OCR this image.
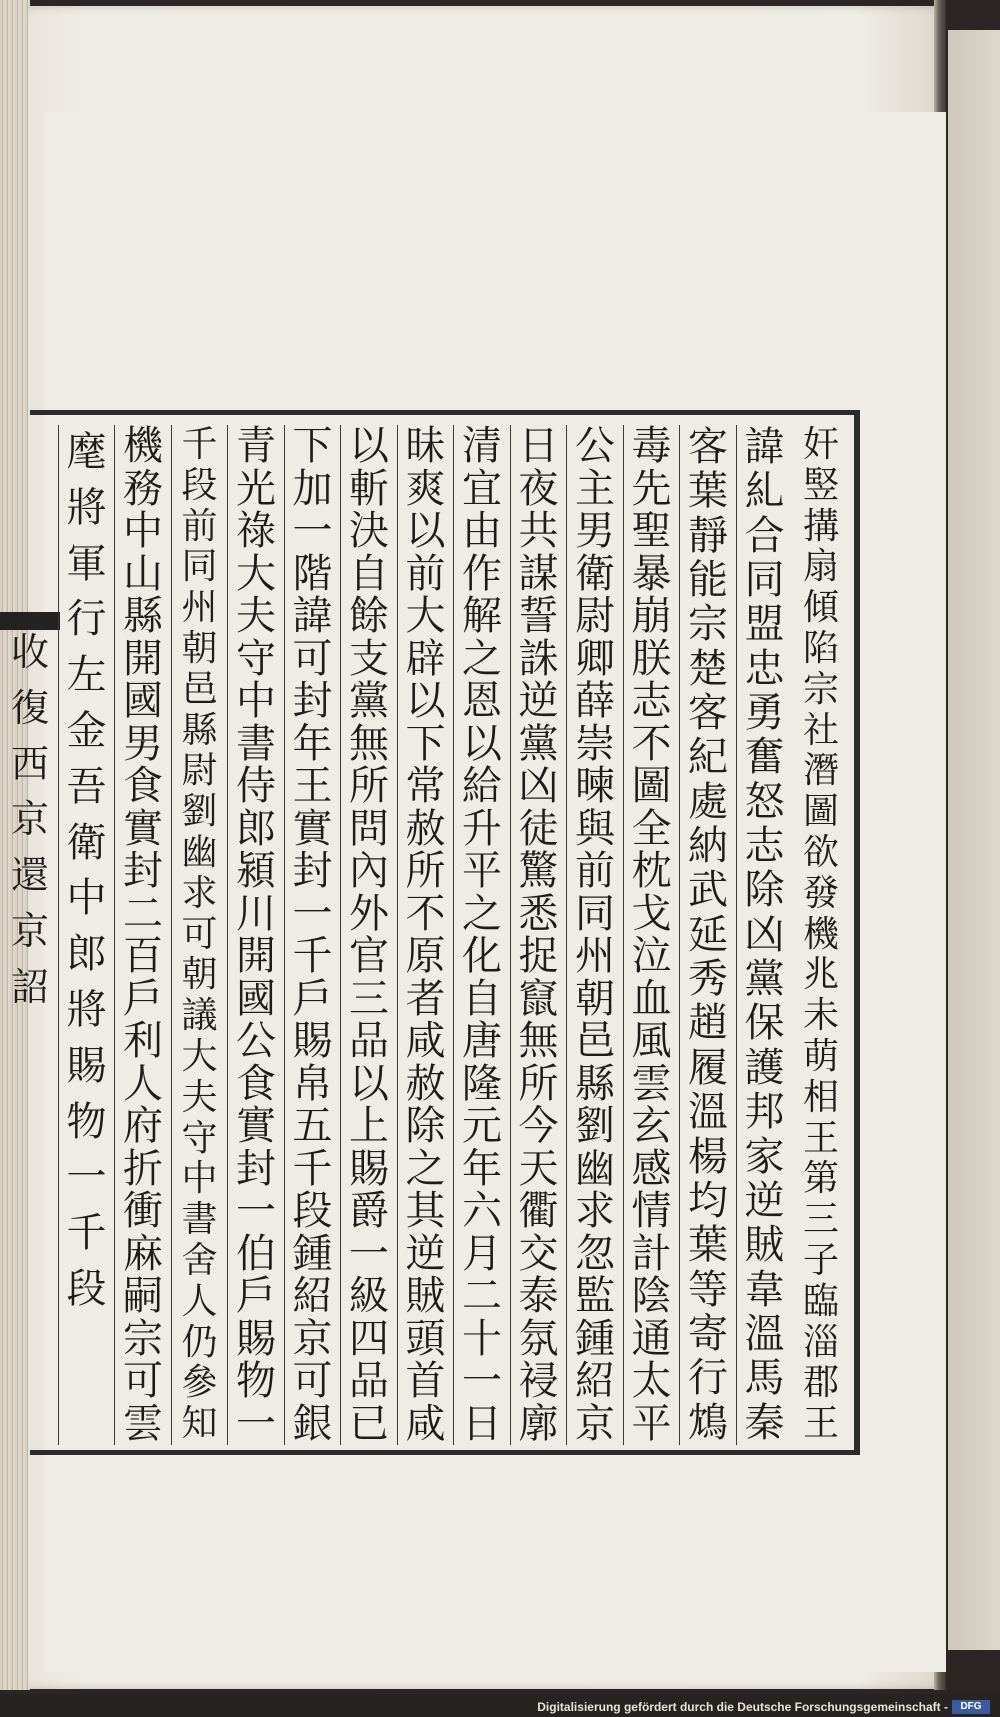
奸
竪
搆
扇
傾
陷
宗
社
潛
圖
欲
發
機
兆
未
萌
相
王
第
三
子
臨
淄
郡
王
諱
糺
合
同
盟
忠
勇
奮
怒
志
除
凶
黨
保
護
邦
家
逆
賊
韋
溫
馬
秦
客
葉
靜
能
宗
楚
客
紀
處
納
武
延
秀
趙
履
溫
楊
均
葉
等
寄
行
鴆
毒
先
聖
暴
崩
朕
志
不
圖
全
枕
戈
泣
血
風
雲
玄
感
情
計
陰
通
太
平
公
主
男
衛
尉
卿
薛
崇
暕
與
前
同
州
朝
邑
縣
劉
幽
求
忽
監
鍾
紹
京
日
夜
共
謀
誓
誅
逆
黨
凶
徒
驚
悉
捉
竄
無
所
今
天
衢
交
泰
氛
祲
廓
清
宜
由
作
解
之
恩
以
給
升
平
之
化
自
唐
隆
元
年
六
月
二
十
一
日
昧
爽
以
前
大
辟
以
下
常
赦
所
不
原
者
咸
赦
除
之
其
逆
賊
頭
首
咸
以
斬
決
自
餘
支
黨
無
所
問
內
外
官
三
品
以
上
賜
爵
一
級
四
品
已
下
加
一
階
諱
可
封
年
王
實
封
一
千
戶
賜
帛
五
千
段
鍾
紹
京
可
銀
青
光
祿
大
夫
守
中
書
侍
郎
潁
川
開
國
公
食
實
封
一
伯
戶
賜
物
一
千
段
前
同
州
朝
邑
縣
尉
劉
幽
求
可
朝
議
大
夫
守
中
書
舍
人
仍
參
知
機
務
中
山
縣
開
國
男
食
實
封
二
百
戶
利
人
府
折
衝
麻
嗣
宗
可
雲
麾
將
軍
行
左
金
吾
衛
中
郎
將
賜
物
一
千
段
收
復
西
京
還
京
詔
Digitalisierung gefördert durch die Deutsche Forschungsgemeinschaft -	DFG
